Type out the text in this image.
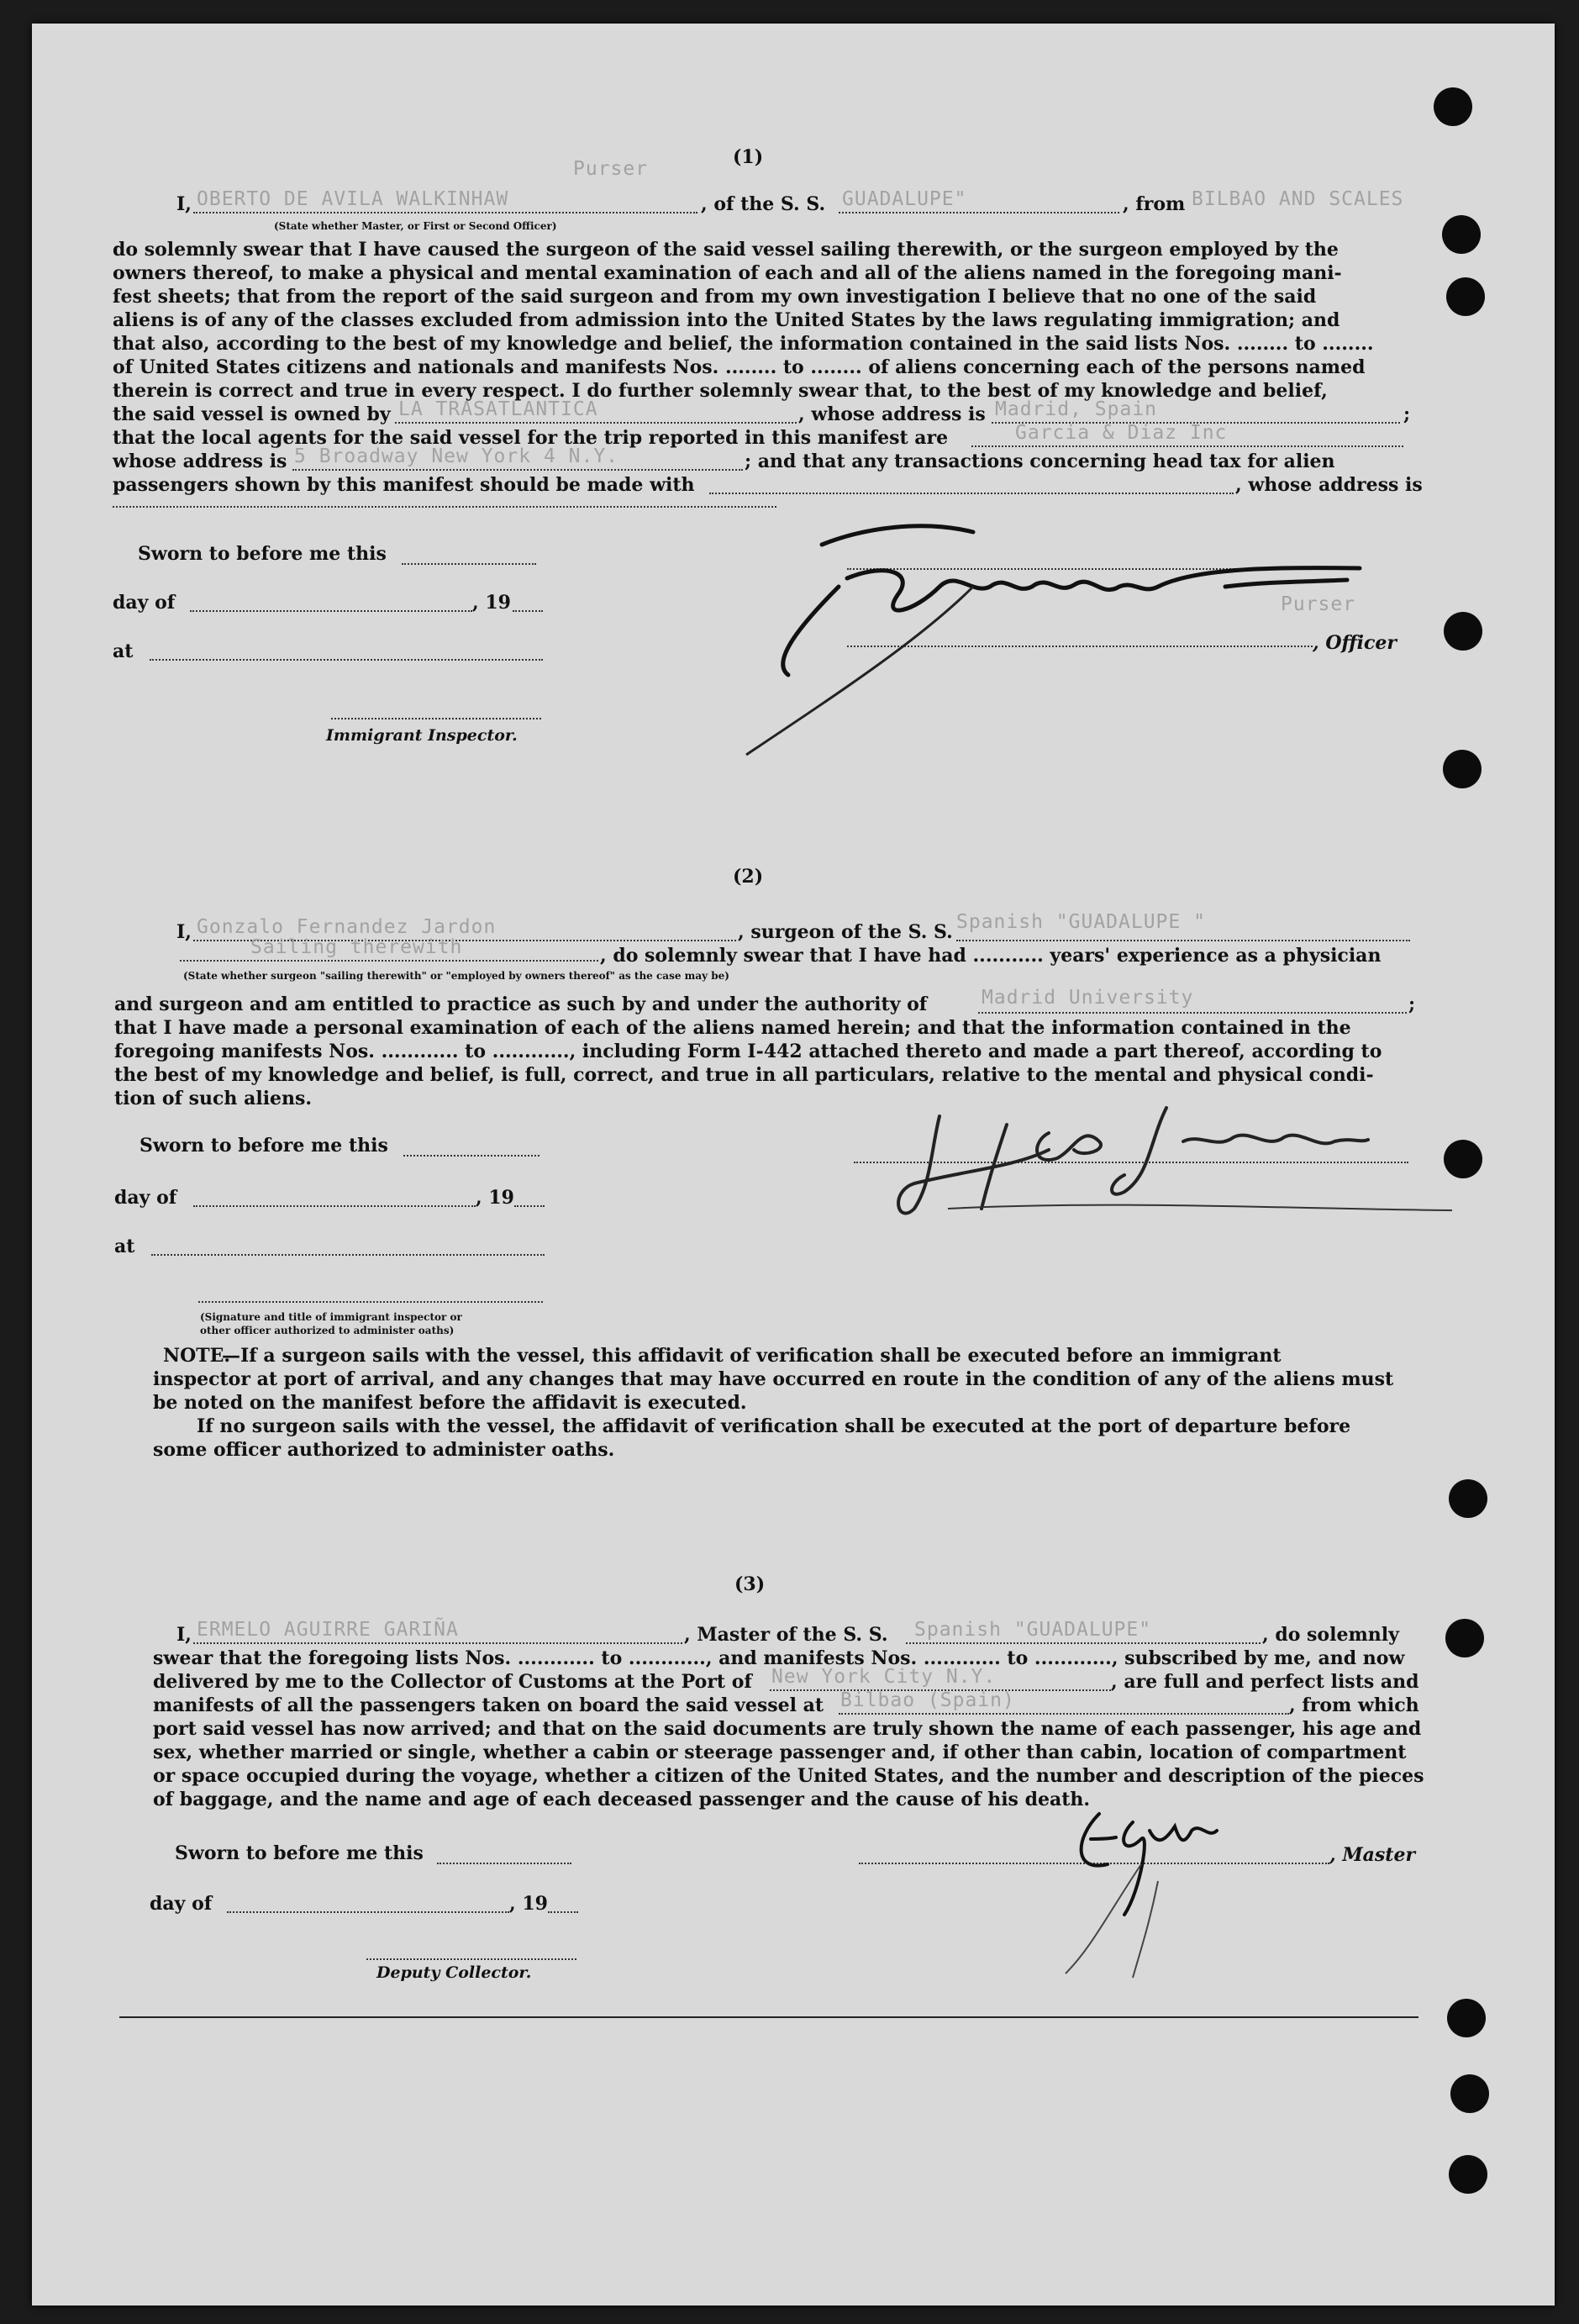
Purser
(1)
I, OBERTO DE AVILA WALKINHAW	, of the S. S. GUADALUPE"	, from BILBAO AND SCALES
(State whether Master, or First or Second Officer)
do solemnly swear that I have caused the surgeon of the said vessel sailing therewith, or the surgeon employed by the
owners thereof, to make a physical and mental examination of each and all of the aliens named in the foregoing mani-
fest sheets; that from the report of the said surgeon and from my own investigation I believe that no one of the said
aliens is of any of the classes excluded from admission into the United States by the laws regulating immigration; and
that also, according to the best of my knowledge and belief, the information contained in the said lists Nos. ........ to ........
of United States citizens and nationals and manifests Nos. ........ to ........ of aliens concerning each of the persons named
therein is correct and true in every respect. I do further solemnly swear that, to the best of my knowledge and belief,
the said vessel is owned by LA TRASATLANTICA	, whose address is Madrid, Spain	;
that the local agents for the said vessel for the trip reported in this manifest are	Garcia & Diaz Inc
whose address is 5 Broadway New York 4 N.Y.	; and that any transactions concerning head tax for alien
passengers shown by this manifest should be made with	, whose address is
Sworn to before me this
day of	, 19
at
Immigrant Inspector.
Purser
, Officer
(2)
I, Gonzalo Fernandez Jardon	, surgeon of the S. S. Spanish "GUADALUPE "
Sailing therewith	, do solemnly swear that I have had ........... years' experience as a physician
(State whether surgeon "sailing therewith" or "employed by owners thereof" as the case may be)
and surgeon and am entitled to practice as such by and under the authority of	Madrid University	;
that I have made a personal examination of each of the aliens named herein; and that the information contained in the
foregoing manifests Nos. ............ to ............, including Form I-442 attached thereto and made a part thereof, according to
the best of my knowledge and belief, is full, correct, and true in all particulars, relative to the mental and physical condi-
tion of such aliens.
Sworn to before me this
day of	, 19
at
(Signature and title of immigrant inspector or
other officer authorized to administer oaths)
NOTE.
—If a surgeon sails with the vessel, this affidavit of verification shall be executed before an immigrant
inspector at port of arrival, and any changes that may have occurred en route in the condition of any of the aliens must
be noted on the manifest before the affidavit is executed.
If no surgeon sails with the vessel, the affidavit of verification shall be executed at the port of departure before
some officer authorized to administer oaths.
(3)
I, ERMELO AGUIRRE GARIÑA	, Master of the S. S. Spanish "GUADALUPE"	, do solemnly
swear that the foregoing lists Nos. ............ to ............, and manifests Nos. ............ to ............, subscribed by me, and now
delivered by me to the Collector of Customs at the Port of New York City N.Y.	, are full and perfect lists and
manifests of all the passengers taken on board the said vessel at Bilbao (Spain)	, from which
port said vessel has now arrived; and that on the said documents are truly shown the name of each passenger, his age and
sex, whether married or single, whether a cabin or steerage passenger and, if other than cabin, location of compartment
or space occupied during the voyage, whether a citizen of the United States, and the number and description of the pieces
of baggage, and the name and age of each deceased passenger and the cause of his death.
Sworn to before me this
day of	, 19
Deputy Collector.
, Master
